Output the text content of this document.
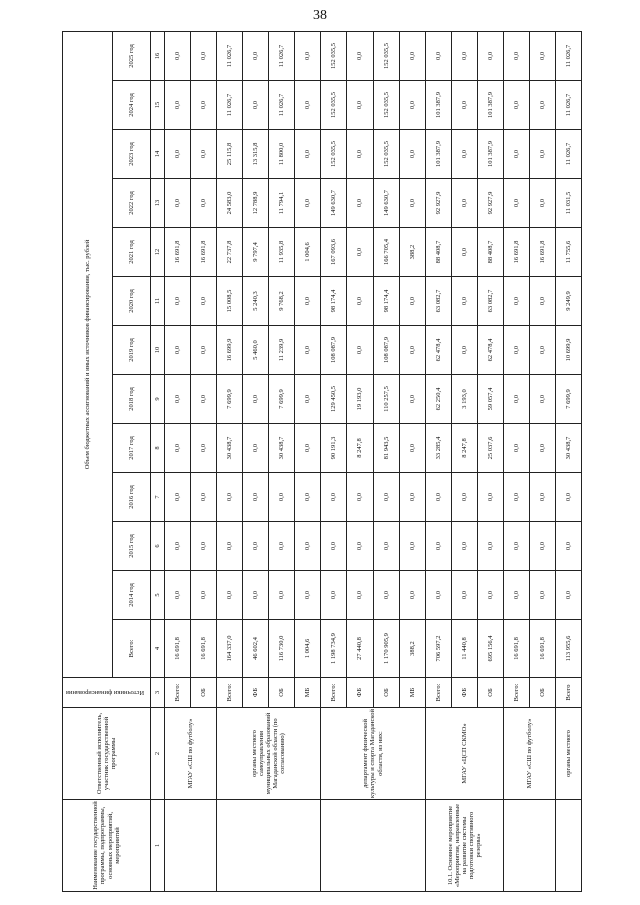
38
Наименование государственной программы, подпрограммы, основных мероприятий, мероприятий	Ответственный исполнитель, участник государственной программы	Источники финансирования	Объем бюджетных ассигнований и иных источников финансирования, тыс. рублей												
			Всего:	2014 год	2015 год	2016 год	2017 год	2018 год	2019 год	2020 год	2021 год	2022 год	2023 год	2024 год	2025 год
1	2	3	4	5	6	7	8	9	10	11	12	13	14	15	16
	МГАУ «СШ по футболу»	Всего:	16 691,8	0,0	0,0	0,0	0,0	0,0	0,0	0,0	16 691,8	0,0	0,0	0,0	0,0
		ОБ	16 691,8	0,0	0,0	0,0	0,0	0,0	0,0	0,0	16 691,8	0,0	0,0	0,0	0,0
	органы местного самоуправления муниципальных образований Магаданской области (по согласованию)	Всего:	164 337,0	0,0	0,0	0,0	30 438,7	7 699,9	16 699,9	15 008,5	22 737,8	24 583,0	25 115,8	11 026,7	11 026,7
		ФБ	46 602,4	0,0	0,0	0,0	0,0	0,0	5 460,0	5 240,3	9 797,4	12 788,9	13 315,8	0,0	0,0
		ОБ	116 730,0	0,0	0,0	0,0	30 438,7	7 699,9	11 239,9	9 768,2	11 935,8	11 794,1	11 800,0	11 026,7	11 026,7
		МБ	1 004,6	0,0	0,0	0,0	0,0	0,0	0,0	0,0	1 004,6	0,0	0,0	0,0	0,0
	департамент физической культуры и спорта Магаданской области, из них:	Всего:	1 198 734,9	0,0	0,0	0,0	90 191,3	129 450,5	108 087,9	98 174,4	167 093,6	149 630,7	152 035,5	152 035,5	152 035,5
		ФБ	27 440,8	0,0	0,0	0,0	8 247,8	19 193,0	0,0	0,0	0,0	0,0	0,0	0,0	0,0
		ОБ	1 170 905,9	0,0	0,0	0,0	81 943,5	110 257,5	108 087,9	98 174,4	166 705,4	149 630,7	152 035,5	152 035,5	152 035,5
		МБ	388,2	0,0	0,0	0,0	0,0	0,0	0,0	0,0	388,2	0,0	0,0	0,0	0,0
10.1. Основное мероприятие «Мероприятия, направленные на развитие системы подготовки спортивного резерва»	МГАУ «ЦСП СКМО»	Всего:	706 597,2	0,0	0,0	0,0	33 285,4	62 250,4	62 478,4	63 082,7	88 408,7	92 927,9	101 387,9	101 387,9	0,0
		ФБ	11 440,8	0,0	0,0	0,0	8 247,8	3 193,0	0,0	0,0	0,0	0,0	0,0	0,0	0,0
		ОБ	695 156,4	0,0	0,0	0,0	25 037,6	59 057,4	62 478,4	63 082,7	88 408,7	92 927,9	101 387,9	101 387,9	0,0
	МГАУ «СШ по футболу»	Всего:	16 691,8	0,0	0,0	0,0	0,0	0,0	0,0	0,0	16 691,8	0,0	0,0	0,0	0,0
		ОБ	16 691,8	0,0	0,0	0,0	0,0	0,0	0,0	0,0	16 691,8	0,0	0,0	0,0	0,0
	органы местного	Всего	113 955,6	0,0	0,0	0,0	30 438,7	7 699,9	10 699,9	9 249,9	11 755,6	11 031,5	11 026,7	11 026,7	11 026,7
